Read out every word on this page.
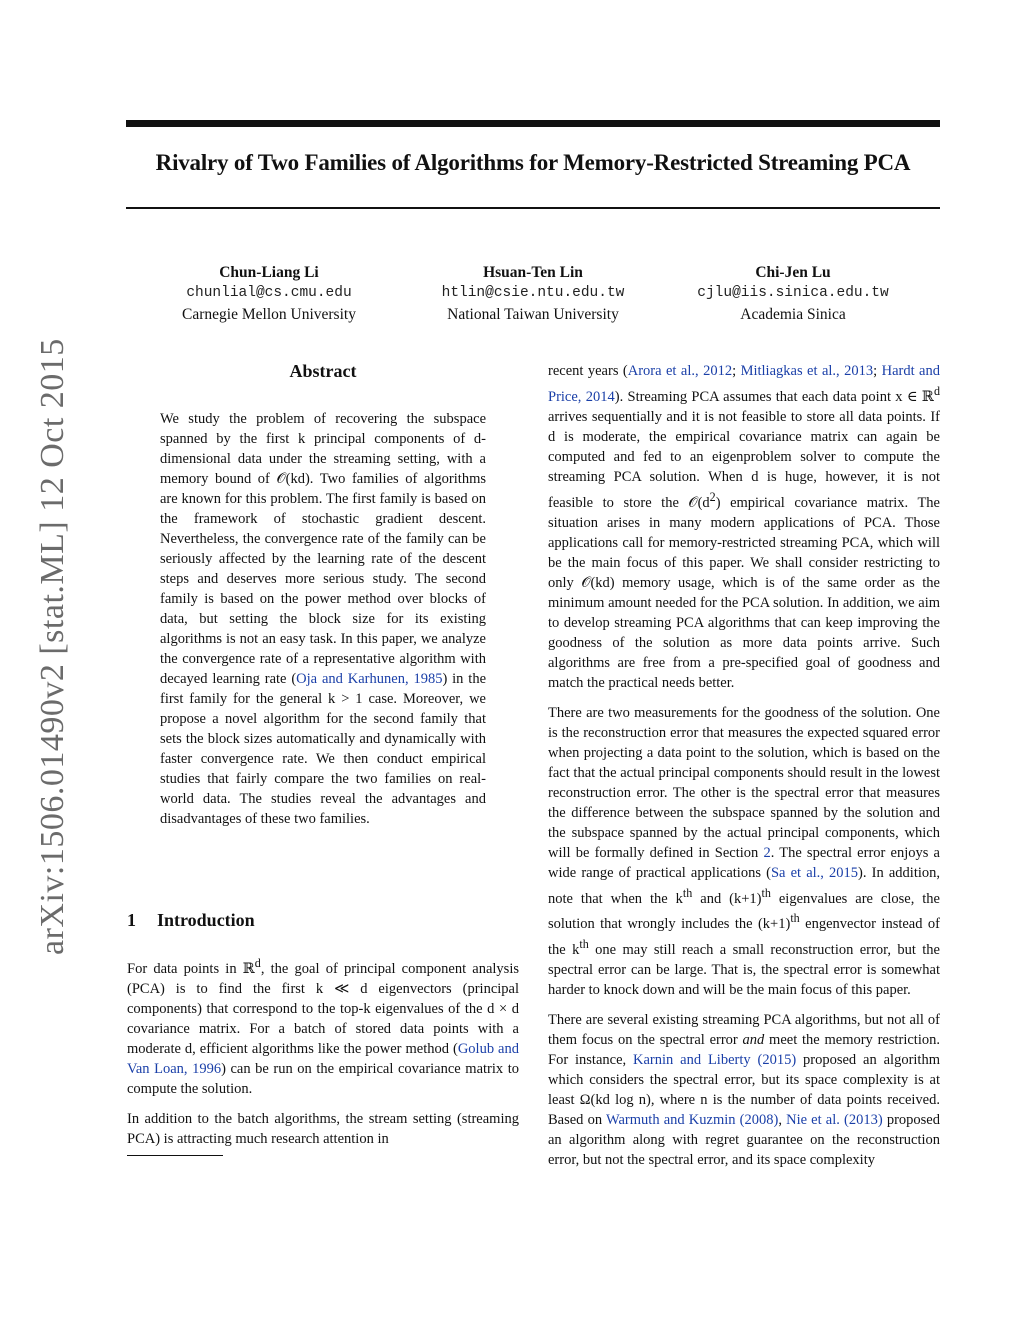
arXiv:1506.01490v2 [stat.ML] 12 Oct 2015
Rivalry of Two Families of Algorithms for Memory-Restricted Streaming PCA
Chun-Liang Li
chunlial@cs.cmu.edu
Carnegie Mellon University
Hsuan-Ten Lin
htlin@csie.ntu.edu.tw
National Taiwan University
Chi-Jen Lu
cjlu@iis.sinica.edu.tw
Academia Sinica
Abstract
We study the problem of recovering the subspace spanned by the first k principal components of d-dimensional data under the streaming setting, with a memory bound of 𝒪(kd). Two families of algorithms are known for this problem. The first family is based on the framework of stochastic gradient descent. Nevertheless, the convergence rate of the family can be seriously affected by the learning rate of the descent steps and deserves more serious study. The second family is based on the power method over blocks of data, but setting the block size for its existing algorithms is not an easy task. In this paper, we analyze the convergence rate of a representative algorithm with decayed learning rate (Oja and Karhunen, 1985) in the first family for the general k > 1 case. Moreover, we propose a novel algorithm for the second family that sets the block sizes automatically and dynamically with faster convergence rate. We then conduct empirical studies that fairly compare the two families on real-world data. The studies reveal the advantages and disadvantages of these two families.
1 Introduction

For data points in ℝ$^d$, the goal of principal component analysis (PCA) is to find the first k ≪ d eigenvectors (principal components) that correspond to the top-k eigenvalues of the d × d covariance matrix. For a batch of stored data points with a moderate d, efficient algorithms like the power method (Golub and Van Loan, 1996) can be run on the empirical covariance matrix to compute the solution.

In addition to the batch algorithms, the stream setting (streaming PCA) is attracting much research attention in

recent years (Arora et al., 2012; Mitliagkas et al., 2013; Hardt and Price, 2014). Streaming PCA assumes that each data point x ∈ ℝ$^d$ arrives sequentially and it is not feasible to store all data points. If d is moderate, the empirical covariance matrix can again be computed and fed to an eigenproblem solver to compute the streaming PCA solution. When d is huge, however, it is not feasible to store the $𝒪(d^2)$ empirical covariance matrix. The situation arises in many modern applications of PCA. Those applications call for memory-restricted streaming PCA, which will be the main focus of this paper. We shall consider restricting to only 𝒪(kd) memory usage, which is of the same order as the minimum amount needed for the PCA solution. In addition, we aim to develop streaming PCA algorithms that can keep improving the goodness of the solution as more data points arrive. Such algorithms are free from a pre-specified goal of goodness and match the practical needs better.

There are two measurements for the goodness of the solution. One is the reconstruction error that measures the expected squared error when projecting a data point to the solution, which is based on the fact that the actual principal components should result in the lowest reconstruction error. The other is the spectral error that measures the difference between the subspace spanned by the solution and the subspace spanned by the actual principal components, which will be formally defined in Section 2. The spectral error enjoys a wide range of practical applications (Sa et al., 2015). In addition, note that when the $k^{th}$ and $(k+1)^{th}$ eigenvalues are close, the solution that wrongly includes the $(k+1)^{th}$ engenvector instead of the $k^{th}$ one may still reach a small reconstruction error, but the spectral error can be large. That is, the spectral error is somewhat harder to knock down and will be the main focus of this paper.

There are several existing streaming PCA algorithms, but not all of them focus on the spectral error and meet the memory restriction. For instance, Karnin and Liberty (2015) proposed an algorithm which considers the spectral error, but its space complexity is at least Ω(kd log n), where n is the number of data points received. Based on Warmuth and Kuzmin (2008), Nie et al. (2013) proposed an algorithm along with regret guarantee on the reconstruction error, but not the spectral error, and its space complexity
